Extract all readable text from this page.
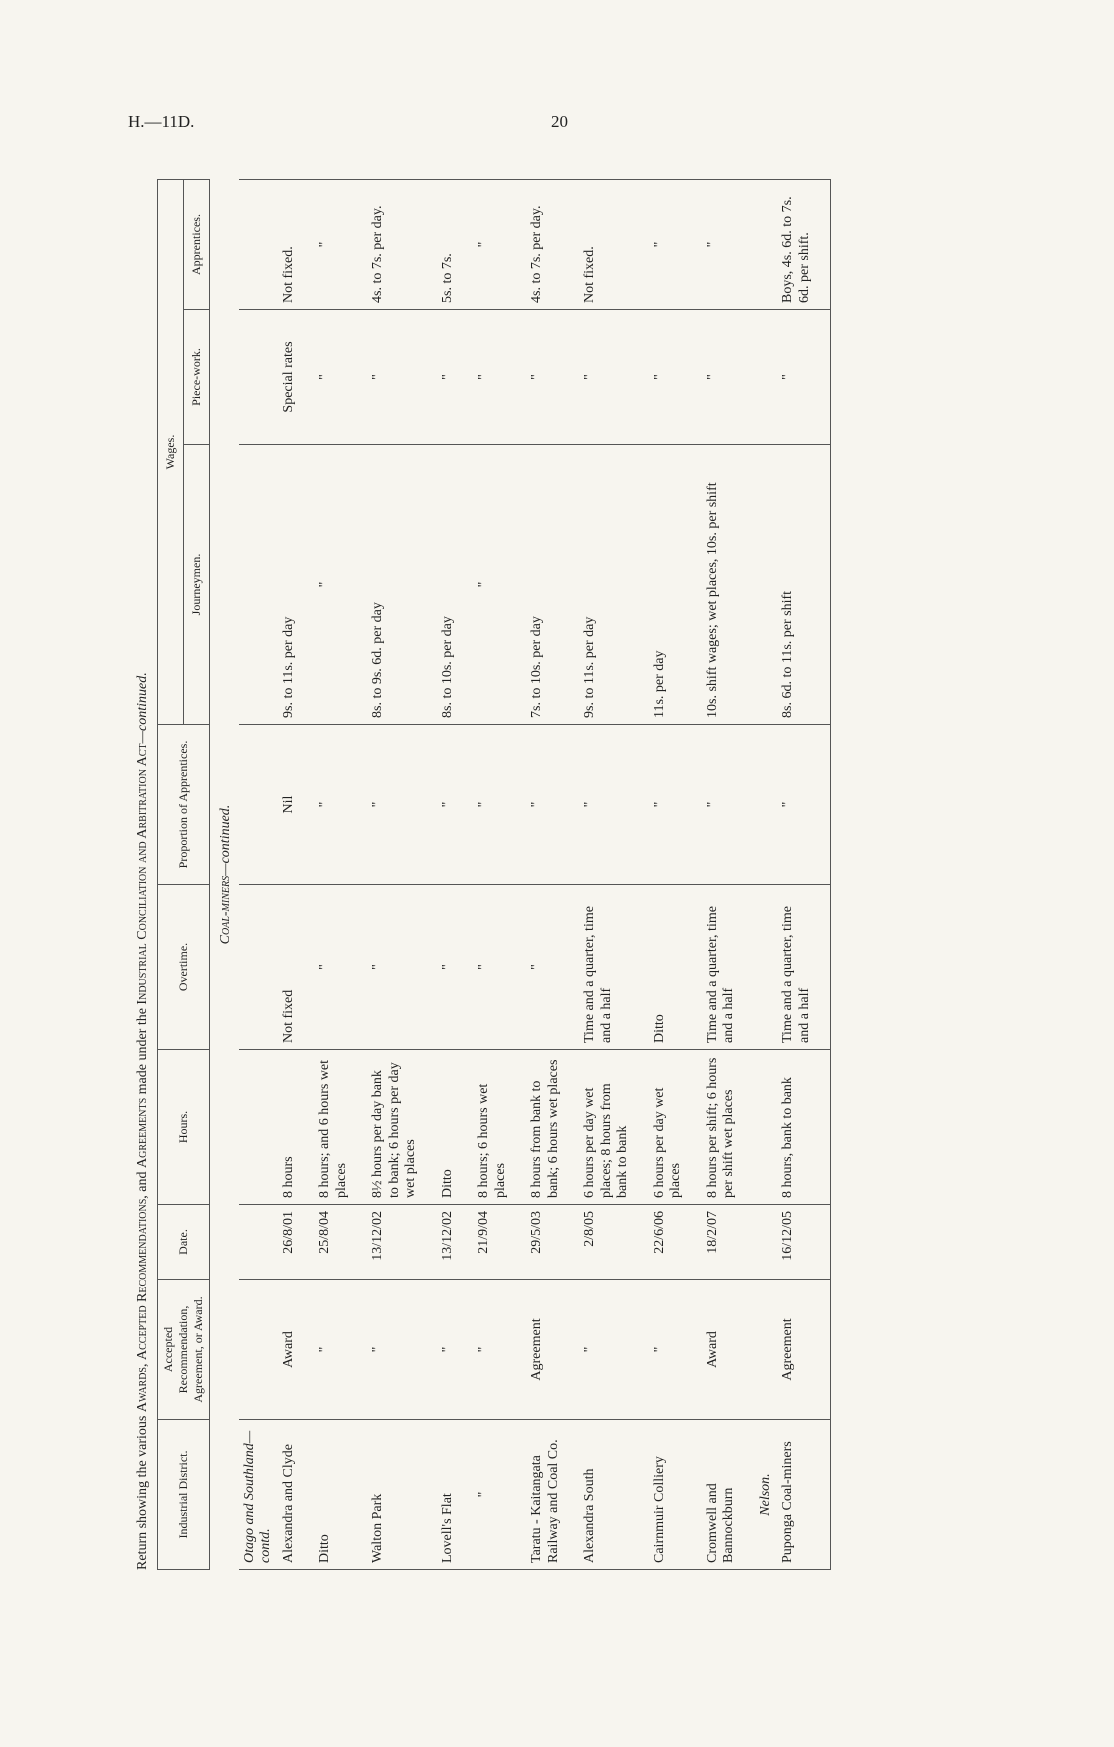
H.—11D.	20
Return showing the various Awards, Accepted Recommendations, and Agreements made under the Industrial Conciliation and Arbitration Act—continued.
Industrial District.	Accepted Recommendation, Agreement, or Award.	Date.	Hours.	Overtime.	Proportion of Apprentices.	Wages.		
						Journeymen.	Piece-work.	Apprentices.
Coal-miners—continued.								
Otago and Southland—contd.								
Alexandra and Clyde	Award	26/8/01	8 hours	Not fixed	Nil	9s. to 11s. per day	Special rates	Not fixed.

Ditto	"	25/8/04	8 hours; and 6 hours wet places	"	"	"	"	"

Walton Park	"	13/12/02	8½ hours per day bank to bank; 6 hours per day wet places	"	"	8s. to 9s. 6d. per day	"	4s. to 7s. per day.

Lovell's Flat	"	13/12/02	Ditto	"	"	8s. to 10s. per day	"	5s. to 7s.

"	"	21/9/04	8 hours; 6 hours wet places	"	"	"	"	"

Taratu - Kaitangata Railway and Coal Co.	Agreement	29/5/03	8 hours from bank to bank; 6 hours wet places	"	"	7s. to 10s. per day	"	4s. to 7s. per day.

Alexandra South	"	2/8/05	6 hours per day wet places; 8 hours from bank to bank	Time and a quarter, time and a half	"	9s. to 11s. per day	"	Not fixed.

Cairnmuir Colliery	"	22/6/06	6 hours per day wet places	Ditto	"	11s. per day	"	"

Cromwell and Bannockburn	Award	18/2/07	8 hours per shift; 6 hours per shift wet places	Time and a quarter, time and a half	"	10s. shift wages; wet places, 10s. per shift	"	"

Nelson.								
Puponga Coal-miners	Agreement	16/12/05	8 hours, bank to bank	Time and a quarter, time and a half	"	8s. 6d. to 11s. per shift	"	Boys, 4s. 6d. to 7s. 6d. per shift.
